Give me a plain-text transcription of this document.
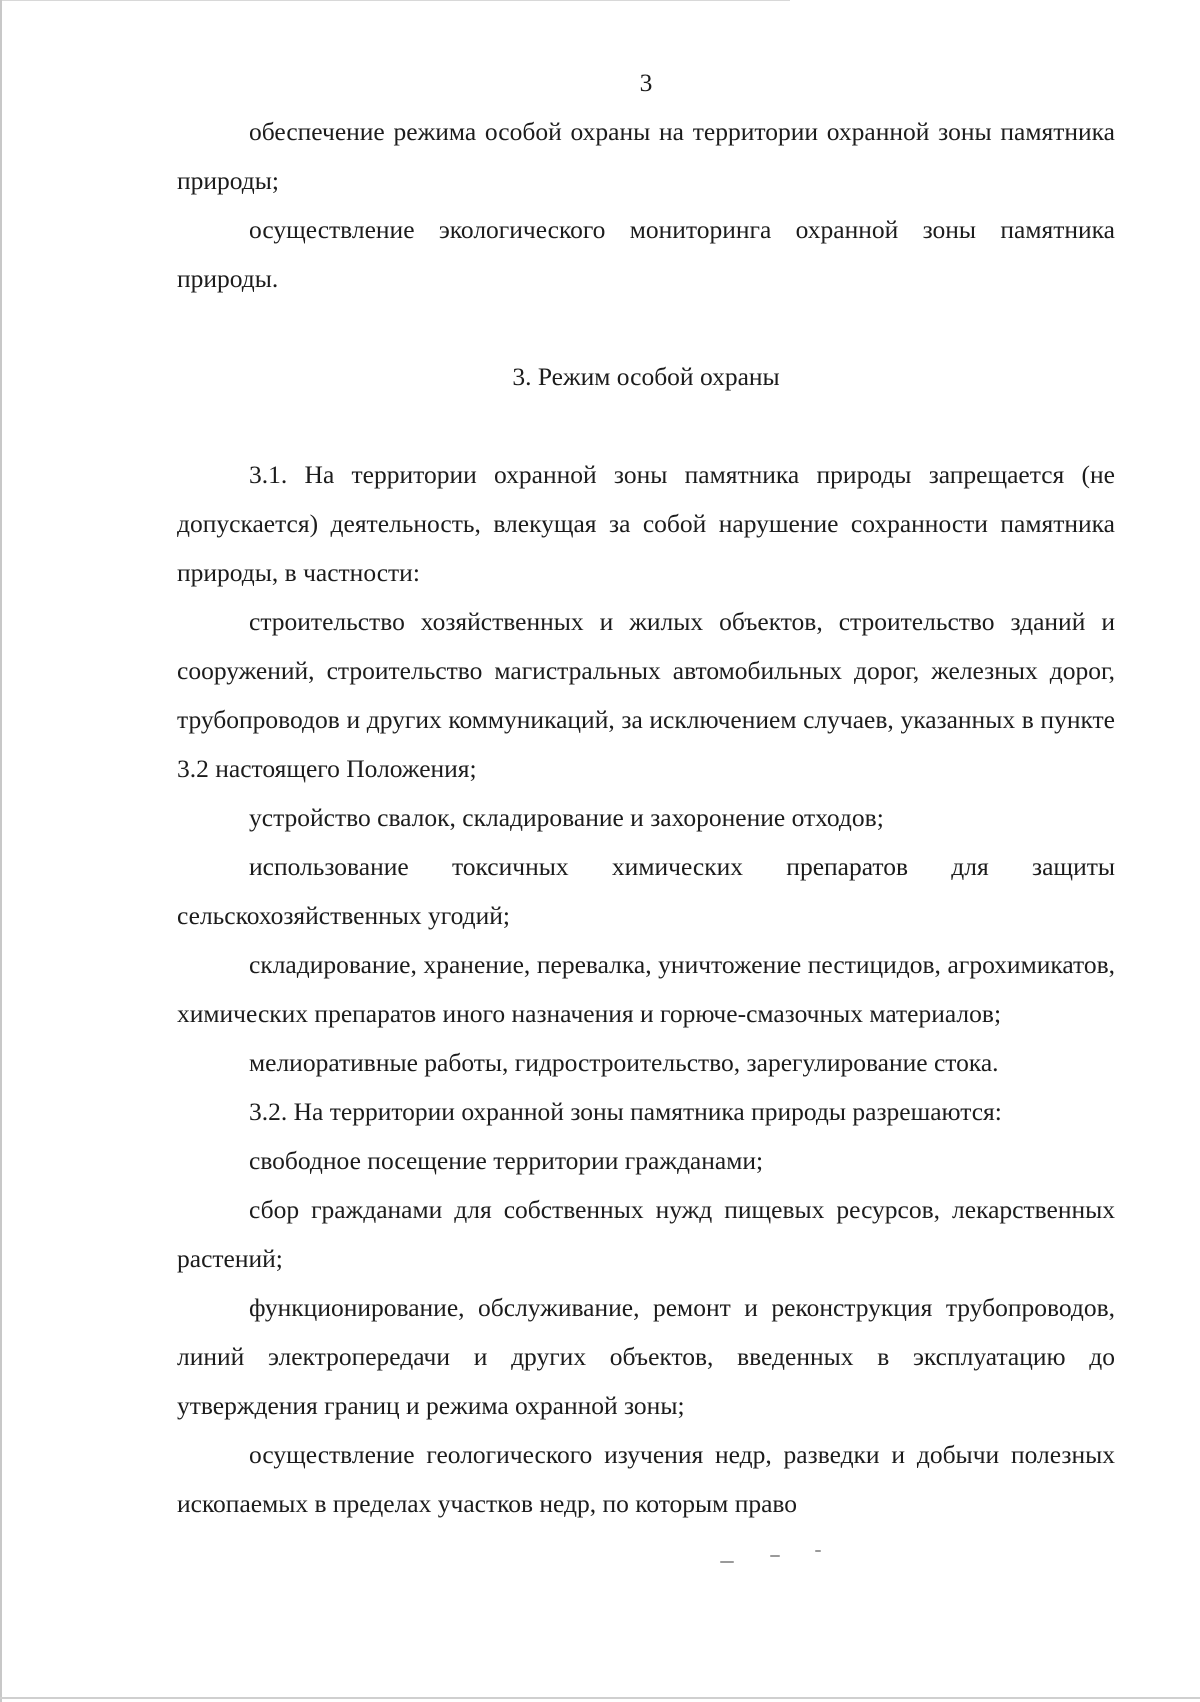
3

обеспечение режима особой охраны на территории охранной зоны памятника природы;

осуществление экологического мониторинга охранной зоны памятника природы.

3. Режим особой охраны

3.1. На территории охранной зоны памятника природы запрещается (не допускается) деятельность, влекущая за собой нарушение сохранности памятника природы, в частности:

строительство хозяйственных и жилых объектов, строительство зданий и сооружений, строительство магистральных автомобильных дорог, железных дорог, трубопроводов и других коммуникаций, за исключением случаев, указанных в пункте 3.2 настоящего Положения;

устройство свалок, складирование и захоронение отходов;

использование токсичных химических препаратов для защиты сельскохозяйственных угодий;

складирование, хранение, перевалка, уничтожение пестицидов, агрохимикатов, химических препаратов иного назначения и горюче-смазочных материалов;

мелиоративные работы, гидростроительство, зарегулирование стока.

3.2. На территории охранной зоны памятника природы разрешаются:

свободное посещение территории гражданами;

сбор гражданами для собственных нужд пищевых ресурсов, лекарственных растений;

функционирование, обслуживание, ремонт и реконструкция трубопроводов, линий электропередачи и других объектов, введенных в эксплуатацию до утверждения границ и режима охранной зоны;

осуществление геологического изучения недр, разведки и добычи полезных ископаемых в пределах участков недр, по которым право
